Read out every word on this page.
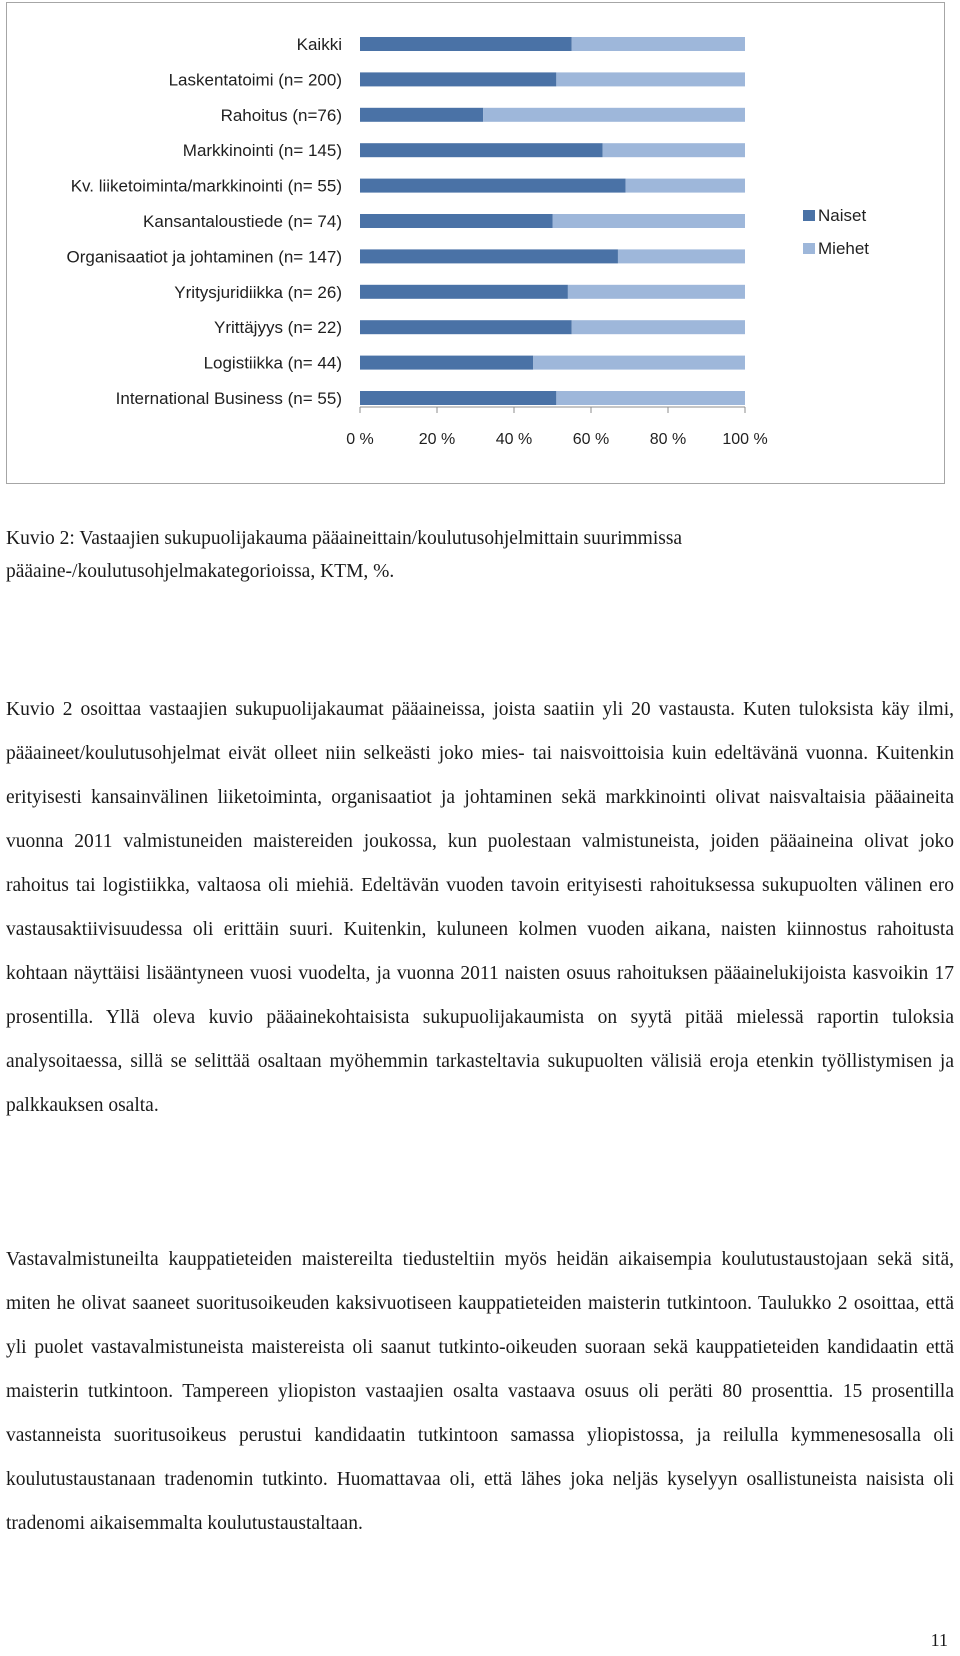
Kaikki
Laskentatoimi (n= 200)
Rahoitus (n=76)
Markkinointi (n= 145)
Kv. liiketoiminta/markkinointi (n= 55)
Kansantaloustiede (n= 74)
Organisaatiot ja johtaminen (n= 147)
Yritysjuridiikka (n= 26)
Yrittäjyys (n= 22)
Logistiikka (n= 44)
International Business (n= 55)
0 %	20 %	40 %	60 %	80 % 100 %
Naiset
Miehet

Kuvio 2: Vastaajien sukupuolijakauma pääaineittain/koulutusohjelmittain suurimmissa pääaine-/koulutusohjelmakategorioissa, KTM, %.

Kuvio 2 osoittaa vastaajien sukupuolijakaumat pääaineissa, joista saatiin yli 20 vastausta. Kuten tuloksista käy ilmi, pääaineet/koulutusohjelmat eivät olleet niin selkeästi joko mies- tai naisvoittoisia kuin edeltävänä vuonna. Kuitenkin erityisesti kansainvälinen liiketoiminta, organisaatiot ja johtaminen sekä markkinointi olivat naisvaltaisia pääaineita vuonna 2011 valmistuneiden maistereiden joukossa, kun puolestaan valmistuneista, joiden pääaineina olivat joko rahoitus tai logistiikka, valtaosa oli miehiä. Edeltävän vuoden tavoin erityisesti rahoituksessa sukupuolten välinen ero vastausaktiivisuudessa oli erittäin suuri. Kuitenkin, kuluneen kolmen vuoden aikana, naisten kiinnostus rahoitusta kohtaan näyttäisi lisääntyneen vuosi vuodelta, ja vuonna 2011 naisten osuus rahoituksen pääainelukijoista kasvoikin 17 prosentilla. Yllä oleva kuvio pääainekohtaisista sukupuolijakaumista on syytä pitää mielessä raportin tuloksia analysoitaessa, sillä se selittää osaltaan myöhemmin tarkasteltavia sukupuolten välisiä eroja etenkin työllistymisen ja palkkauksen osalta.

Vastavalmistuneilta kauppatieteiden maistereilta tiedusteltiin myös heidän aikaisempia koulutustaustojaan sekä sitä, miten he olivat saaneet suoritusoikeuden kaksivuotiseen kauppatieteiden maisterin tutkintoon. Taulukko 2 osoittaa, että yli puolet vastavalmistuneista maistereista oli saanut tutkinto-oikeuden suoraan sekä kauppatieteiden kandidaatin että maisterin tutkintoon. Tampereen yliopiston vastaajien osalta vastaava osuus oli peräti 80 prosenttia. 15 prosentilla vastanneista suoritusoikeus perustui kandidaatin tutkintoon samassa yliopistossa, ja reilulla kymmenesosalla oli koulutustaustanaan tradenomin tutkinto. Huomattavaa oli, että lähes joka neljäs kyselyyn osallistuneista naisista oli tradenomi aikaisemmalta koulutustaustaltaan.

11
